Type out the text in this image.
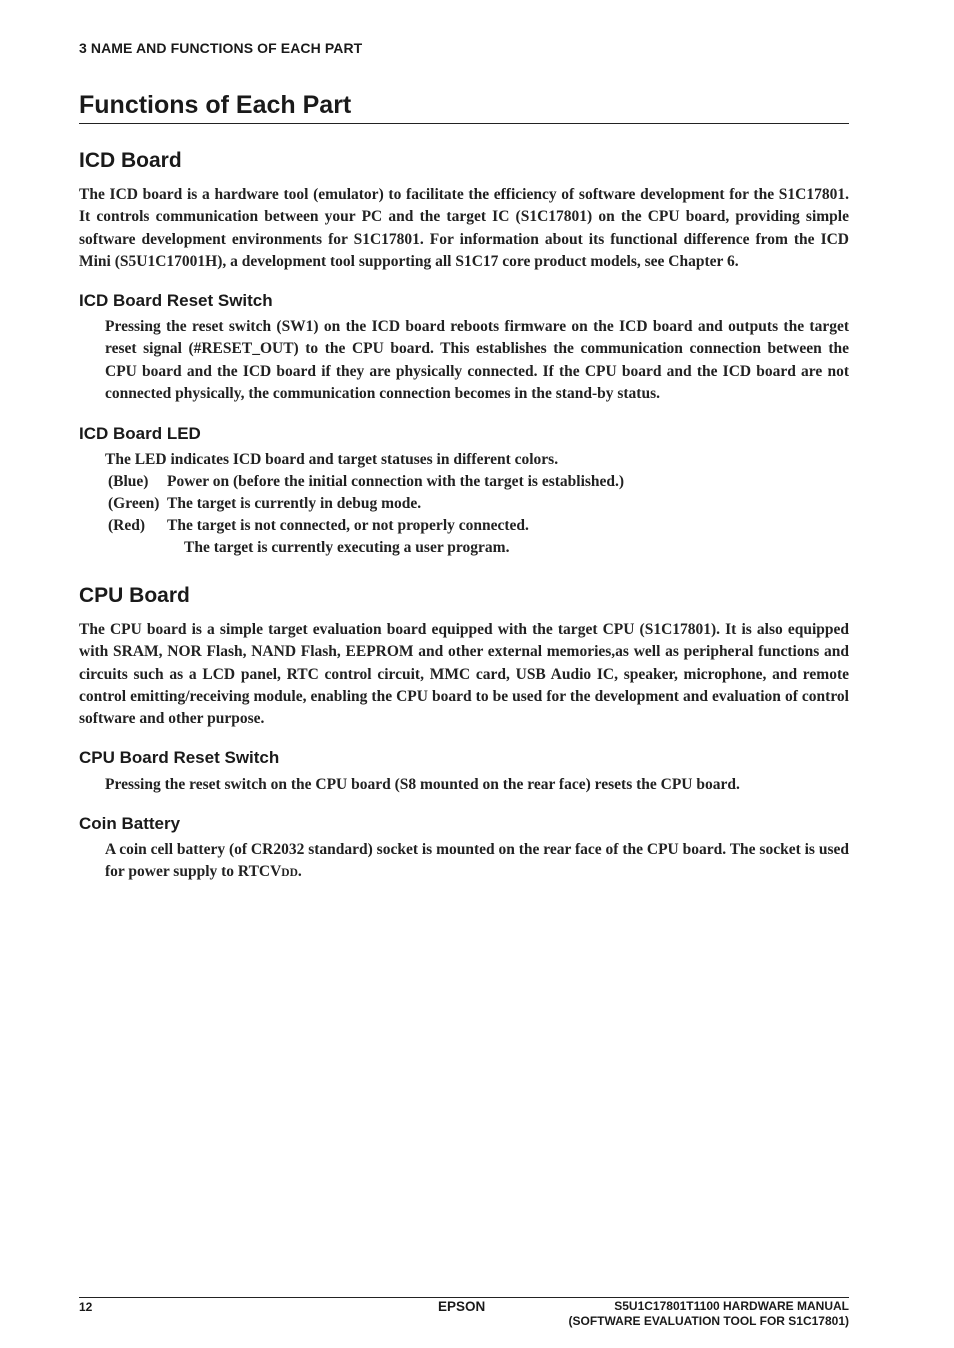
3 NAME AND FUNCTIONS OF EACH PART
Functions of Each Part
ICD Board

The ICD board is a hardware tool (emulator) to facilitate the efficiency of software development for the S1C17801. It controls communication between your PC and the target IC (S1C17801) on the CPU board, providing simple software development environments for S1C17801. For information about its functional difference from the ICD Mini (S5U1C17001H), a development tool supporting all S1C17 core product models, see Chapter 6.

ICD Board Reset Switch

Pressing the reset switch (SW1) on the ICD board reboots firmware on the ICD board and outputs the target reset signal (#RESET_OUT) to the CPU board. This establishes the communication connection between the CPU board and the ICD board if they are physically connected. If the CPU board and the ICD board are not connected physically, the communication connection becomes in the stand-by status.

ICD Board LED
The LED indicates ICD board and target statuses in different colors.
(Blue) Power on (before the initial connection with the target is established.)
(Green) The target is currently in debug mode.
(Red) The target is not connected, or not properly connected.
The target is currently executing a user program.
CPU Board

The CPU board is a simple target evaluation board equipped with the target CPU (S1C17801). It is also equipped with SRAM, NOR Flash, NAND Flash, EEPROM and other external memories,as well as peripheral functions and circuits such as a LCD panel, RTC control circuit, MMC card, USB Audio IC, speaker, microphone, and remote control emitting/receiving module, enabling the CPU board to be used for the development and evaluation of control software and other purpose.

CPU Board Reset Switch

Pressing the reset switch on the CPU board (S8 mounted on the rear face) resets the CPU board.

Coin Battery

A coin cell battery (of CR2032 standard) socket is mounted on the rear face of the CPU board. The socket is used for power supply to RTCVDD.

12	EPSON	S5U1C17801T1100 HARDWARE MANUAL
(SOFTWARE EVALUATION TOOL FOR S1C17801)
